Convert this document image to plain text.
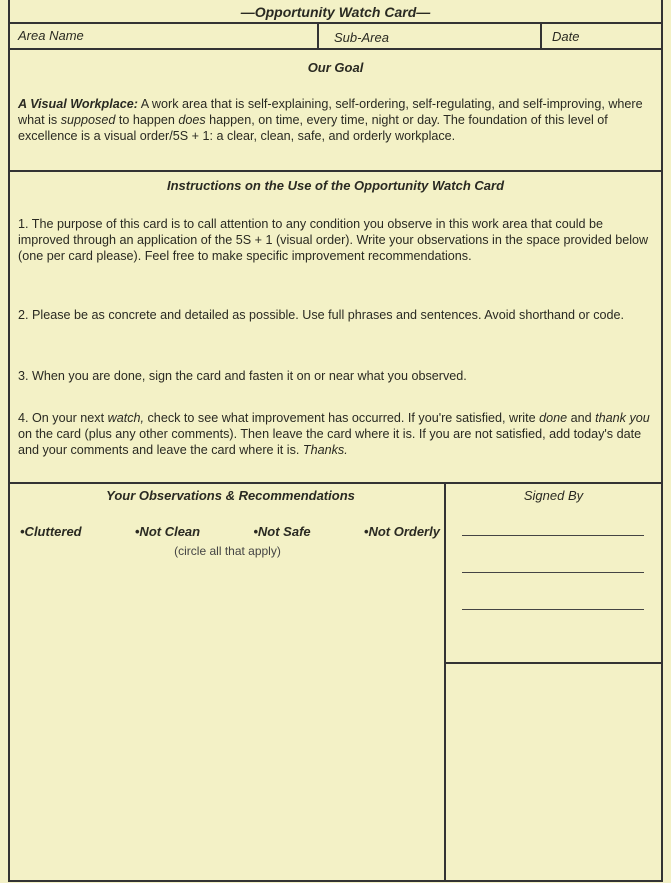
—Opportunity Watch Card—
Area Name	Sub-Area	Date
Our Goal
A Visual Workplace: A work area that is self-explaining, self-ordering, self-regulating, and self-improving, where what is supposed to happen does happen, on time, every time, night or day. The foundation of this level of excellence is a visual order/5S + 1: a clear, clean, safe, and orderly workplace.
Instructions on the Use of the Opportunity Watch Card
1. The purpose of this card is to call attention to any condition you observe in this work area that could be improved through an application of the 5S + 1 (visual order). Write your observations in the space provided below (one per card please). Feel free to make specific improvement recommendations.
2. Please be as concrete and detailed as possible. Use full phrases and sentences. Avoid shorthand or code.
3. When you are done, sign the card and fasten it on or near what you observed.
4. On your next watch, check to see what improvement has occurred. If you're satisfied, write done and thank you on the card (plus any other comments). Then leave the card where it is. If you are not satisfied, add today's date and your comments and leave the card where it is. Thanks.
Your Observations & Recommendations
•Cluttered	•Not Clean	•Not Safe	•Not Orderly
(circle all that apply)
Signed By
